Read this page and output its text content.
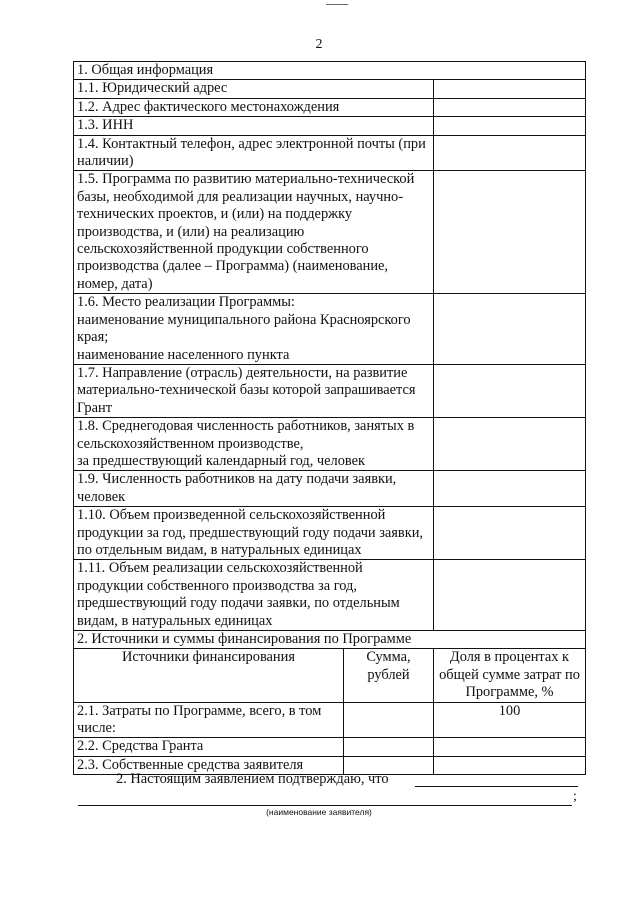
2
1. Общая информация		
1.1. Юридический адрес		
1.2. Адрес фактического местонахождения		
1.3. ИНН		
1.4. Контактный телефон, адрес электронной почты (при наличии)		
1.5. Программа по развитию материально-технической базы, необходимой для реализации научных, научно-технических проектов, и (или) на поддержку производства, и (или) на реализацию сельскохозяйственной продукции собственного производства (далее – Программа) (наименование, номер, дата)		
1.6. Место реализации Программы:
наименование муниципального района Красноярского края;
наименование населенного пункта		
1.7. Направление (отрасль) деятельности, на развитие материально-технической базы которой запрашивается Грант		
1.8. Среднегодовая численность работников, занятых в сельскохозяйственном производстве,
за предшествующий календарный год, человек		
1.9. Численность работников на дату подачи заявки, человек		
1.10. Объем произведенной сельскохозяйственной продукции за год, предшествующий году подачи заявки, по отдельным видам, в натуральных единицах		
1.11. Объем реализации сельскохозяйственной продукции собственного производства за год, предшествующий году подачи заявки, по отдельным видам, в натуральных единицах		
2. Источники и суммы финансирования по Программе		
Источники финансирования	Сумма, рублей	Доля в процентах к общей сумме затрат по Программе, %
2.1. Затраты по Программе, всего, в том числе:		100
2.2. Средства Гранта		
2.3. Собственные средства заявителя		
2. Настоящим заявлением подтверждаю, что
;
(наименование заявителя)
